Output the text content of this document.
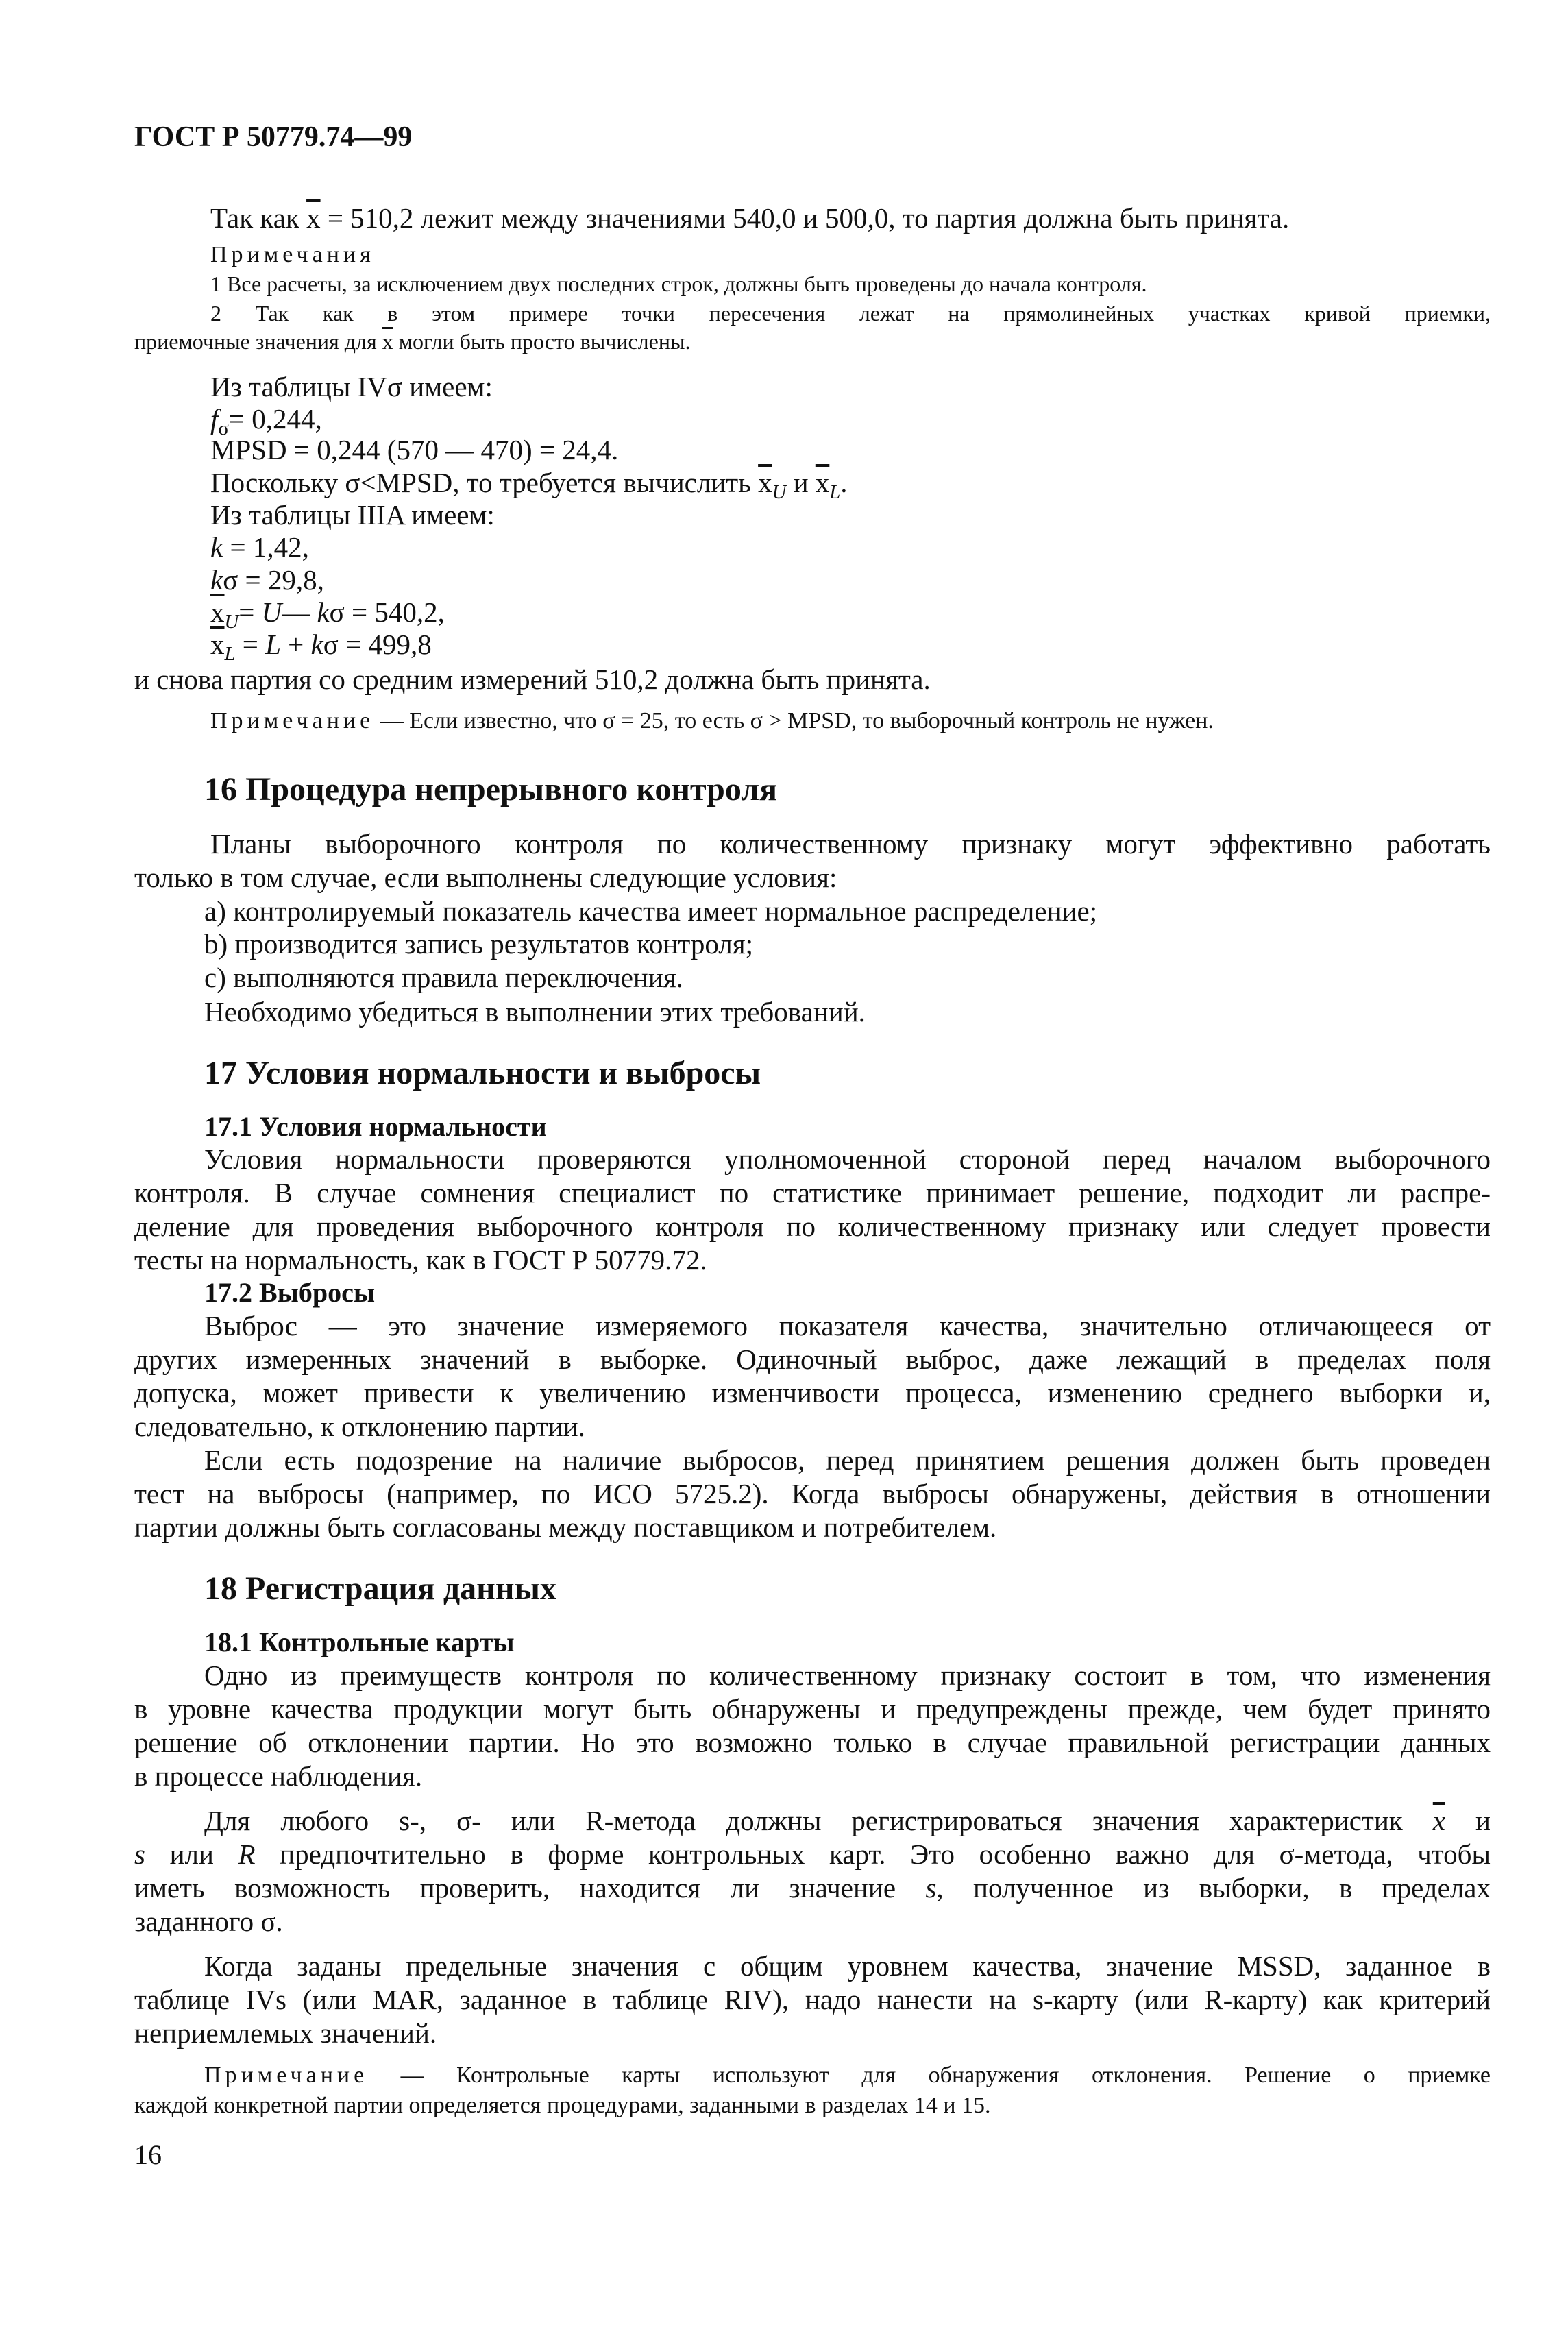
ГОСТ Р 50779.74—99
Так как $\overline{x} = 510,2$ лежит между значениями 540,0 и 500,0, то партия должна быть принята.
Примечания
1 Все расчеты, за исключением двух последних строк, должны быть проведены до начала контроля.
2 Так как в этом примере точки пересечения лежат на прямолинейных участках кривой приемки,
приемочные значения для $\overline{x}$ могли быть просто вычислены.
Из таблицы IVσ имеем:
$f_\sigma= 0,244$,
MPSD = 0,244 (570 — 470) = 24,4.
Поскольку σ<MPSD, то требуется вычислить $\overline{x}_U$ и $\overline{x}_L$.
Из таблицы IIIA имеем:
k = 1,42,
kσ = 29,8,
$\overline{x}_U=$ U— kσ = 540,2,
$\overline{x}_L = L + k\sigma = 499,8$
и снова партия со средним измерений 510,2 должна быть принята.
Примечание — Если известно, что σ = 25, то есть σ > MPSD, то выборочный контроль не нужен.
16 Процедура непрерывного контроля
Планы выборочного контроля по количественному признаку могут эффективно работать
только в том случае, если выполнены следующие условия:
а) контролируемый показатель качества имеет нормальное распределение;
b) производится запись результатов контроля;
с) выполняются правила переключения.
Необходимо убедиться в выполнении этих требований.
17 Условия нормальности и выбросы
17.1 Условия нормальности
Условия нормальности проверяются уполномоченной стороной перед началом выборочного
контроля. В случае сомнения специалист по статистике принимает решение, подходит ли распре-
деление для проведения выборочного контроля по количественному признаку или следует провести
тесты на нормальность, как в ГОСТ Р 50779.72.
17.2 Выбросы
Выброс — это значение измеряемого показателя качества, значительно отличающееся от
других измеренных значений в выборке. Одиночный выброс, даже лежащий в пределах поля
допуска, может привести к увеличению изменчивости процесса, изменению среднего выборки и,
следовательно, к отклонению партии.
Если есть подозрение на наличие выбросов, перед принятием решения должен быть проведен
тест на выбросы (например, по ИСО 5725.2). Когда выбросы обнаружены, действия в отношении
партии должны быть согласованы между поставщиком и потребителем.
18 Регистрация данных
18.1 Контрольные карты
Одно из преимуществ контроля по количественному признаку состоит в том, что изменения
в уровне качества продукции могут быть обнаружены и предупреждены прежде, чем будет принято
решение об отклонении партии. Но это возможно только в случае правильной регистрации данных
в процессе наблюдения.
Для любого s-, σ- или R-метода должны регистрироваться значения характеристик $\overline{x}$ и
s или R предпочтительно в форме контрольных карт. Это особенно важно для σ-метода, чтобы
иметь возможность проверить, находится ли значение s, полученное из выборки, в пределах
заданного σ.
Когда заданы предельные значения с общим уровнем качества, значение MSSD, заданное в
таблице IVs (или MAR, заданное в таблице RIV), надо нанести на s-карту (или R-карту) как критерий
неприемлемых значений.
Примечание — Контрольные карты используют для обнаружения отклонения. Решение о приемке
каждой конкретной партии определяется процедурами, заданными в разделах 14 и 15.
16
